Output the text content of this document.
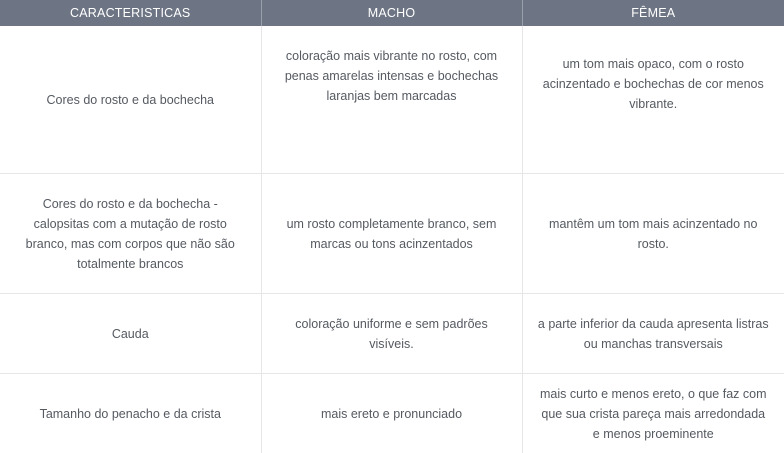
CARACTERISTICAS	MACHO	FÊMEA
Cores do rosto e da bochecha	coloração mais vibrante no rosto, com penas amarelas intensas e bochechas laranjas bem marcadas	um tom mais opaco, com o rosto acinzentado e bochechas de cor menos vibrante.
Cores do rosto e da bochecha - calopsitas com a mutação de rosto branco, mas com corpos que não são totalmente brancos	um rosto completamente branco, sem marcas ou tons acinzentados	mantêm um tom mais acinzentado no rosto.
Cauda	coloração uniforme e sem padrões visíveis.	a parte inferior da cauda apresenta listras ou manchas transversais
Tamanho do penacho e da crista	mais ereto e pronunciado	mais curto e menos ereto, o que faz com que sua crista pareça mais arredondada e menos proeminente
